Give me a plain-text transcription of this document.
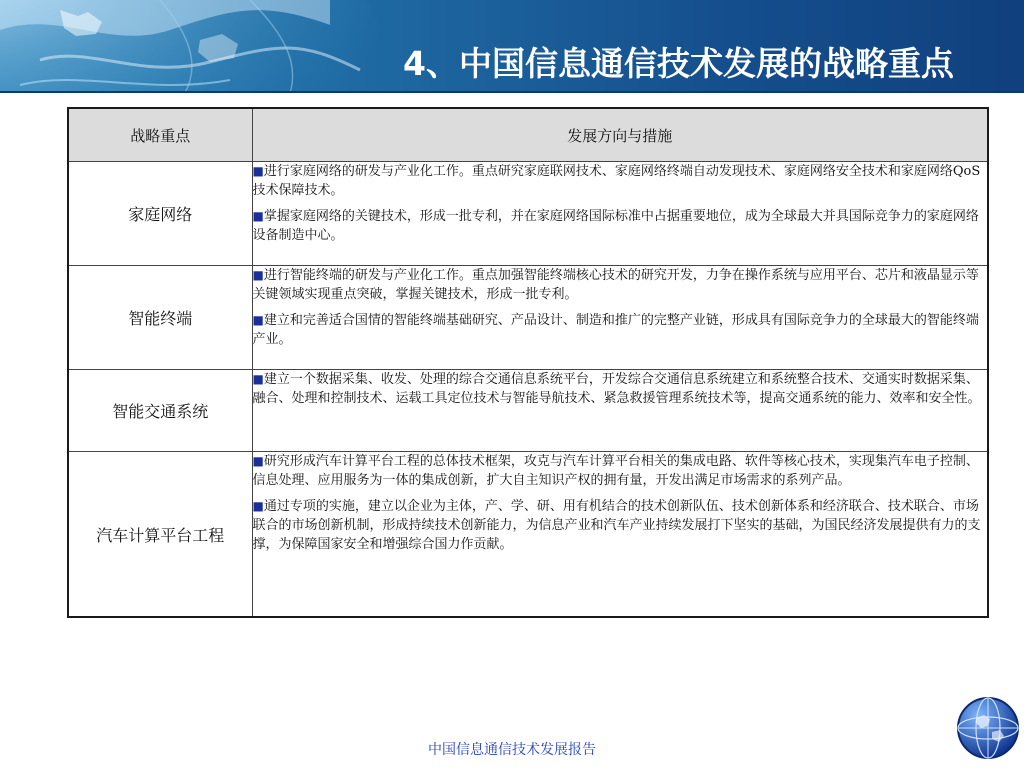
4、中国信息通信技术发展的战略重点
战略重点	发展方向与措施
家庭网络	■进行家庭网络的研发与产业化工作。重点研究家庭联网技术、家庭网络终端自动发现技术、家庭网络安全技术和家庭网络QoS技术保障技术。

■掌握家庭网络的关键技术，形成一批专利，并在家庭网络国际标准中占据重要地位，成为全球最大并具国际竞争力的家庭网络设备制造中心。

智能终端	■进行智能终端的研发与产业化工作。重点加强智能终端核心技术的研究开发，力争在操作系统与应用平台、芯片和液晶显示等关键领域实现重点突破，掌握关键技术，形成一批专利。

■建立和完善适合国情的智能终端基础研究、产品设计、制造和推广的完整产业链，形成具有国际竞争力的全球最大的智能终端产业。

智能交通系统	■建立一个数据采集、收发、处理的综合交通信息系统平台，开发综合交通信息系统建立和系统整合技术、交通实时数据采集、融合、处理和控制技术、运载工具定位技术与智能导航技术、紧急救援管理系统技术等，提高交通系统的能力、效率和安全性。

汽车计算平台工程	■研究形成汽车计算平台工程的总体技术框架，攻克与汽车计算平台相关的集成电路、软件等核心技术，实现集汽车电子控制、信息处理、应用服务为一体的集成创新，扩大自主知识产权的拥有量，开发出满足市场需求的系列产品。

■通过专项的实施，建立以企业为主体，产、学、研、用有机结合的技术创新队伍、技术创新体系和经济联合、技术联合、市场联合的市场创新机制，形成持续技术创新能力，为信息产业和汽车产业持续发展打下坚实的基础，为国民经济发展提供有力的支撑，为保障国家安全和增强综合国力作贡献。

中国信息通信技术发展报告
